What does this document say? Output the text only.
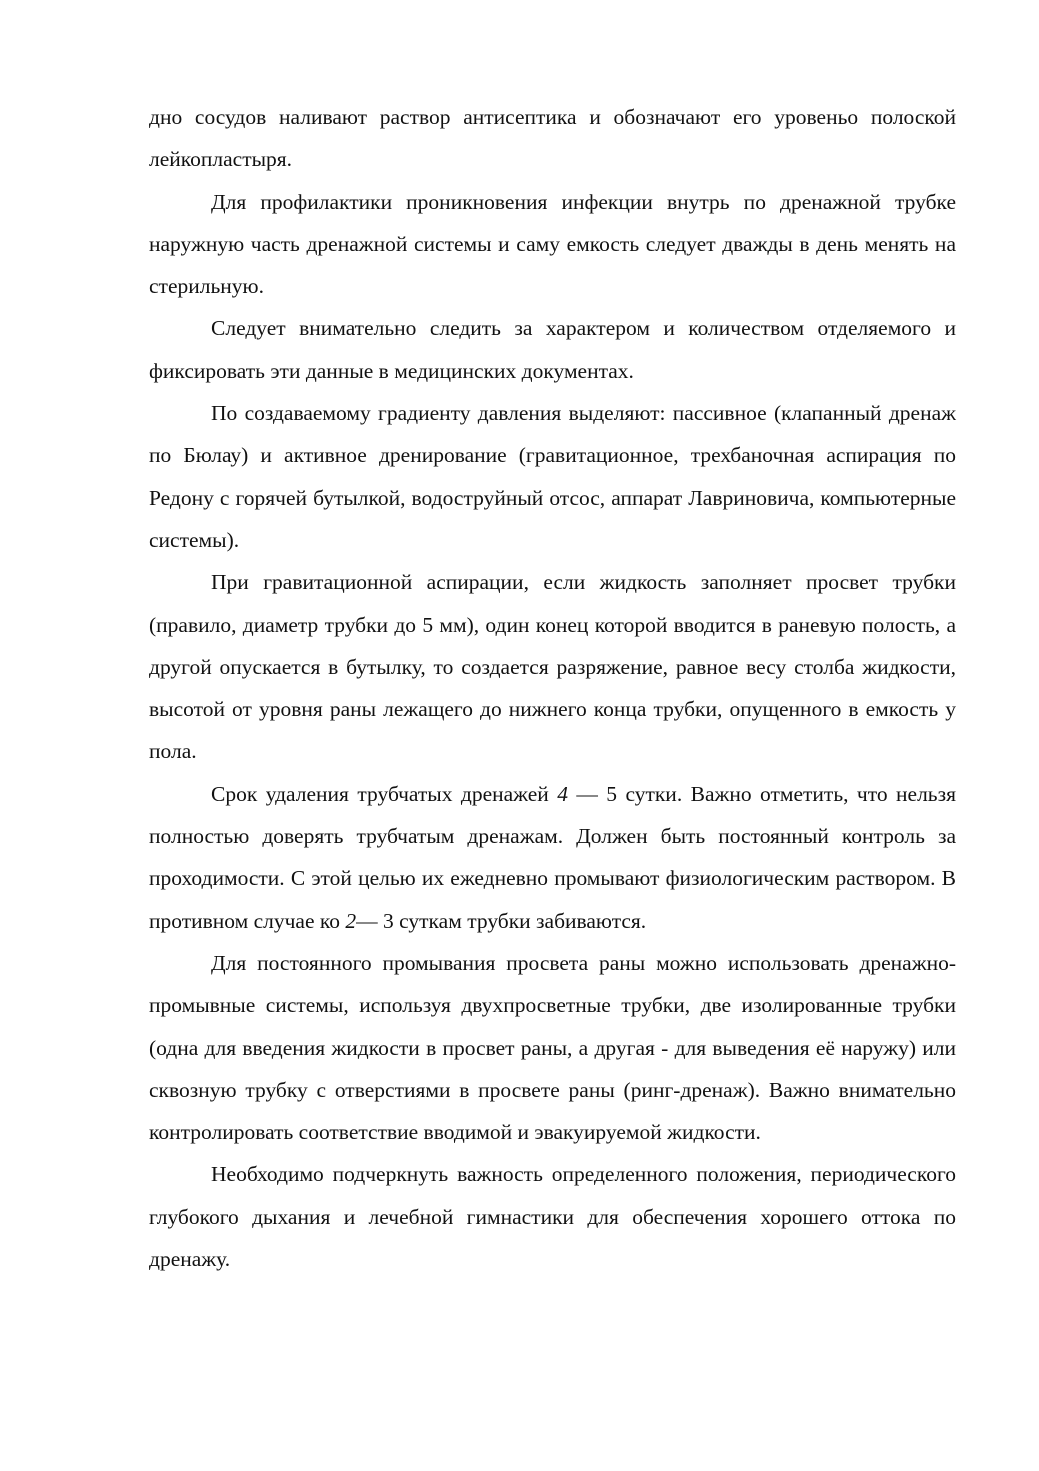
дно сосудов наливают раствор антисептика и обозначают его уровеньо полоской лейкопластыря.

Для профилактики проникновения инфекции внутрь по дренажной трубке наружную часть дренажной системы и саму емкость следует дважды в день менять на стерильную.

Следует внимательно следить за характером и количеством отделяемого и фиксировать эти данные в медицинских документах.

По создаваемому градиенту давления выделяют: пассивное (клапанный дренаж по Бюлау) и активное дренирование (гравитационное, трехбаночная аспирация по Редону с горячей бутылкой, водоструйный отсос, аппарат Лавриновича, компьютерные системы).

При гравитационной аспирации, если жидкость заполняет просвет трубки (правило, диаметр трубки до 5 мм), один конец которой вводится в раневую полость, а другой опускается в бутылку, то создается разряжение, равное весу столба жидкости, высотой от уровня раны лежащего до нижнего конца трубки, опущенного в емкость у пола.

Срок удаления трубчатых дренажей 4 — 5 сутки. Важно отметить, что нельзя полностью доверять трубчатым дренажам. Должен быть постоянный контроль за проходимости. С этой целью их ежедневно промывают физиологическим раствором. В противном случае ко 2— 3 суткам трубки забиваются.

Для постоянного промывания просвета раны можно использовать дренажно-промывные системы, используя двухпросветные трубки, две изолированные трубки (одна для введения жидкости в просвет раны, а другая - для выведения её наружу) или сквозную трубку с отверстиями в просвете раны (ринг-дренаж). Важно внимательно контролировать соответствие вводимой и эвакуируемой жидкости.

Необходимо подчеркнуть важность определенного положения, периодического глубокого дыхания и лечебной гимнастики для обеспечения хорошего оттока по дренажу.
